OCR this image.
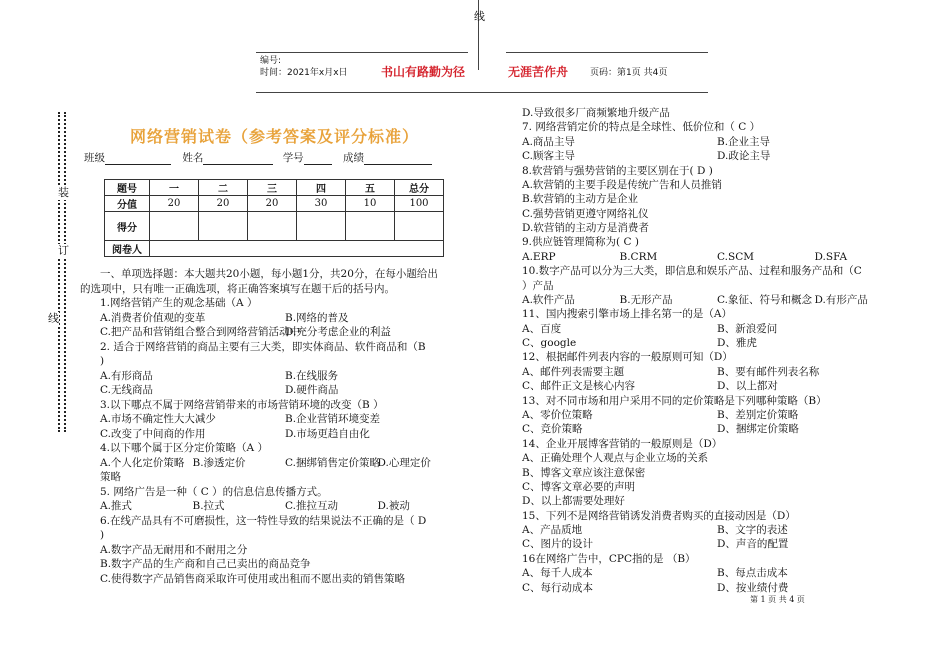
线
编号:
时间：2021年x月x日	书山有路勤为径	无涯苦作舟 页码：第1页 共4页
装
订
线
网络营销试卷（参考答案及评分标准）
班级	姓名	学号	成绩
题号	一	二	三	四	五	总分
分值	20	20	20	30	10	100
得分						
阅卷人						
一、单项选择题：本大题共20小题，每小题1分，共20分，在每小题给出
的选项中，只有唯一正确选项，将正确答案填写在题干后的括号内。
1.网络营销产生的观念基础（A ）
A.消费者价值观的变革	B.网络的普及
C.把产品和营销组合整合到网络营销活动中
D.充分考虑企业的利益
2. 适合于网络营销的商品主要有三大类，即实体商品、软件商品和（B
)
A.有形商品	B.在线服务
C.无线商品	D.硬件商品
3.以下哪点不属于网络营销带来的市场营销环境的改变（B ）
A.市场不确定性大大减少	B.企业营销环境变差
C.改变了中间商的作用	D.市场更趋自由化
4.以下哪个属于区分定价策略（A ）
A.个人化定价策略 B.渗透定价	C.捆绑销售定价策略
D.心理定价
策略
5. 网络广告是一种（ C ）的信息信息传播方式。
A.推式	B.拉式	C.推拉互动	D.被动
6.在线产品具有不可磨损性，这一特性导致的结果说法不正确的是（ D
)
A.数字产品无耐用和不耐用之分
B.数字产品的生产商和自己已卖出的商品竞争
C.使得数字产品销售商采取许可使用或出租而不愿出卖的销售策略
D.导致很多厂商频繁地升级产品
7. 网络营销定价的特点是全球性、低价位和（ C ）
A.商品主导	B.企业主导
C.顾客主导	D.政论主导
8.软营销与强势营销的主要区别在于( D )
A.软营销的主要手段是传统广告和人员推销
B.软营销的主动方是企业
C.强势营销更遵守网络礼仪
D.软营销的主动方是消费者
9.供应链管理简称为( C )
A.ERP	B.CRM	C.SCM	D.SFA
10.数字产品可以分为三大类，即信息和娱乐产品、过程和服务产品和（C
）产品
A.软件产品	B.无形产品	C.象征、符号和概念 D.有形产品
11、国内搜索引擎市场上排名第一的是（A）
A、百度	B、新浪爱问
C、google	D、雅虎
12、根据邮件列表内容的一般原则可知（D）
A、邮件列表需要主题	B、要有邮件列表名称
C、邮件正文是核心内容	D、以上都对
13、对不同市场和用户采用不同的定价策略是下列哪种策略（B）
A、零价位策略	B、差别定价策略
C、竞价策略	D、捆绑定价策略
14、企业开展博客营销的一般原则是（D）
A、正确处理个人观点与企业立场的关系
B、博客文章应该注意保密
C、博客文章必要的声明
D、以上都需要处理好
15、下列不是网络营销诱发消费者购买的直接动因是（D）
A、产品质地	B、文字的表述
C、图片的设计	D、声音的配置
16在网络广告中，CPC指的是 （B）
A、每千人成本	B、每点击成本
C、每行动成本	D、按业绩付费
第 1 页 共 4 页
